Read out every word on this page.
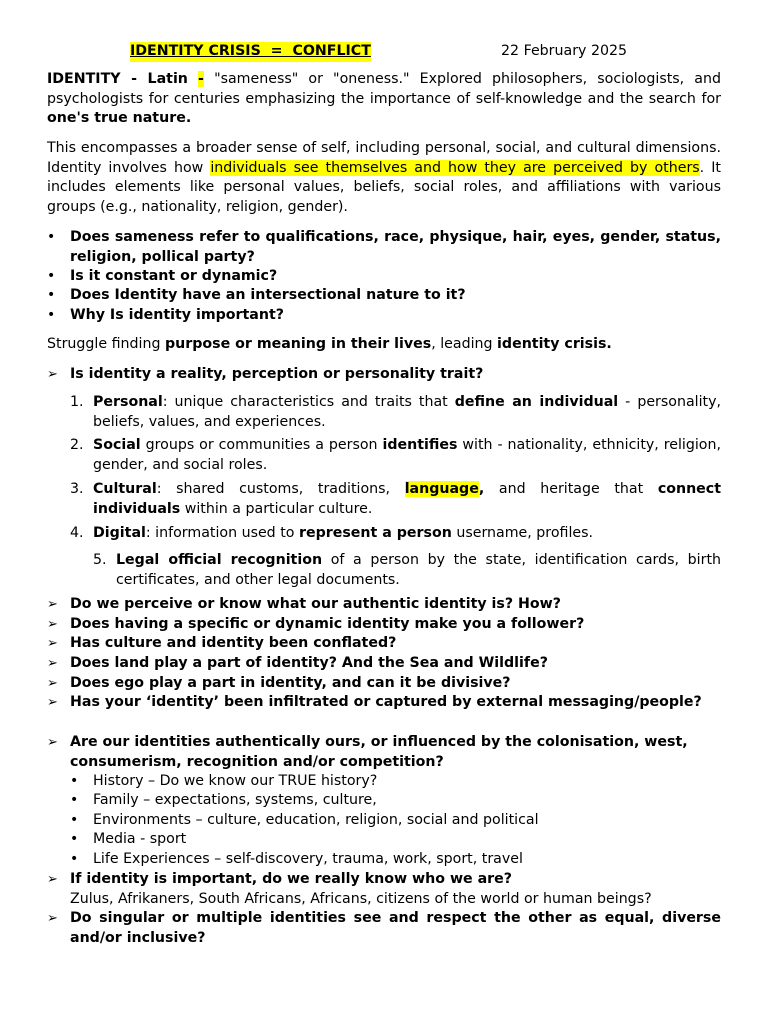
IDENTITY CRISIS  =  CONFLICT	22 February 2025
IDENTITY - Latin - "sameness" or "oneness." Explored philosophers, sociologists, and psychologists for centuries emphasizing the importance of self-knowledge and the search for one's true nature.
This encompasses a broader sense of self, including personal, social, and cultural dimensions. Identity involves how individuals see themselves and how they are perceived by others. It includes elements like personal values, beliefs, social roles, and affiliations with various groups (e.g., nationality, religion, gender).
• Does sameness refer to qualifications, race, physique, hair, eyes, gender, status, religion, pollical party?
• Is it constant or dynamic?
• Does Identity have an intersectional nature to it?
• Why Is identity important?
Struggle finding purpose or meaning in their lives, leading identity crisis.
➢ Is identity a reality, perception or personality trait?
1. Personal: unique characteristics and traits that define an individual - personality, beliefs, values, and experiences.
2. Social groups or communities a person identifies with - nationality, ethnicity, religion, gender, and social roles.
3. Cultural: shared customs, traditions, language, and heritage that connect individuals within a particular culture.
4. Digital: information used to represent a person username, profiles.
5. Legal official recognition of a person by the state, identification cards, birth certificates, and other legal documents.
➢ Do we perceive or know what our authentic identity is? How?
➢ Does having a specific or dynamic identity make you a follower?
➢ Has culture and identity been conflated?
➢ Does land play a part of identity? And the Sea and Wildlife?
➢ Does ego play a part in identity, and can it be divisive?
➢ Has your ‘identity’ been infiltrated or captured by external messaging/people?
➢ Are our identities authentically ours, or influenced by the colonisation, west, consumerism, recognition and/or competition?
• History – Do we know our TRUE history?
• Family – expectations, systems, culture,
• Environments – culture, education, religion, social and political
• Media - sport
• Life Experiences – self-discovery, trauma, work, sport, travel
➢ If identity is important, do we really know who we are?
Zulus, Afrikaners, South Africans, Africans, citizens of the world or human beings?
➢ Do singular or multiple identities see and respect the other as equal, diverse and/or inclusive?
